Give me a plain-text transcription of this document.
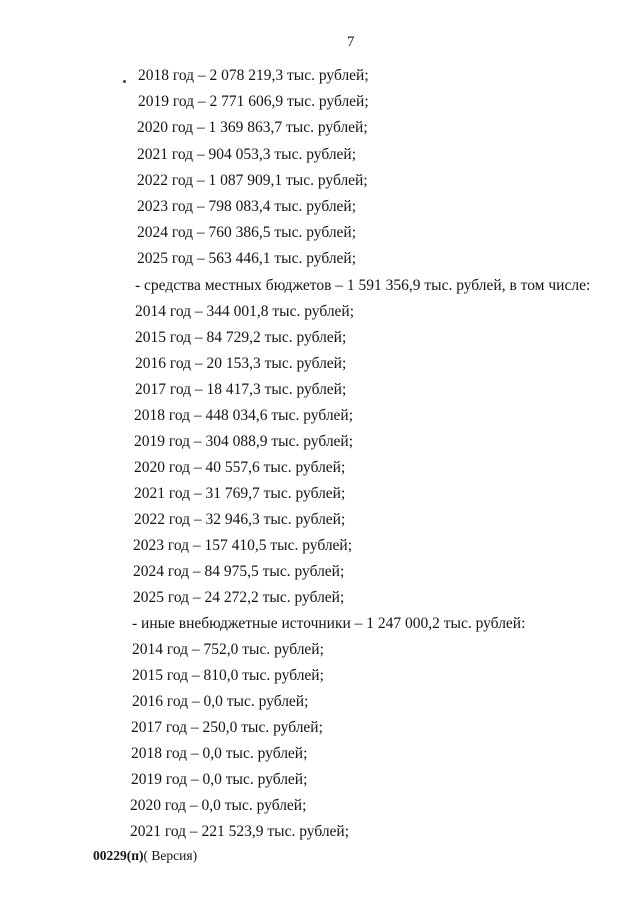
7
2018 год – 2 078 219,3 тыс. рублей;
2019 год – 2 771 606,9 тыс. рублей;
2020 год – 1 369 863,7 тыс. рублей;
2021 год – 904 053,3 тыс. рублей;
2022 год – 1 087 909,1 тыс. рублей;
2023 год – 798 083,4 тыс. рублей;
2024 год – 760 386,5 тыс. рублей;
2025 год – 563 446,1 тыс. рублей;
- средства местных бюджетов – 1 591 356,9 тыс. рублей, в том числе:
2014 год – 344 001,8 тыс. рублей;
2015 год – 84 729,2 тыс. рублей;
2016 год – 20 153,3 тыс. рублей;
2017 год – 18 417,3 тыс. рублей;
2018 год – 448 034,6 тыс. рублей;
2019 год – 304 088,9 тыс. рублей;
2020 год – 40 557,6 тыс. рублей;
2021 год – 31 769,7 тыс. рублей;
2022 год – 32 946,3 тыс. рублей;
2023 год – 157 410,5 тыс. рублей;
2024 год – 84 975,5 тыс. рублей;
2025 год – 24 272,2 тыс. рублей;
- иные внебюджетные источники – 1 247 000,2 тыс. рублей:
2014 год – 752,0 тыс. рублей;
2015 год – 810,0 тыс. рублей;
2016 год – 0,0 тыс. рублей;
2017 год – 250,0 тыс. рублей;
2018 год – 0,0 тыс. рублей;
2019 год – 0,0 тыс. рублей;
2020 год – 0,0 тыс. рублей;
2021 год – 221 523,9 тыс. рублей;
00229(п)( Версия)
